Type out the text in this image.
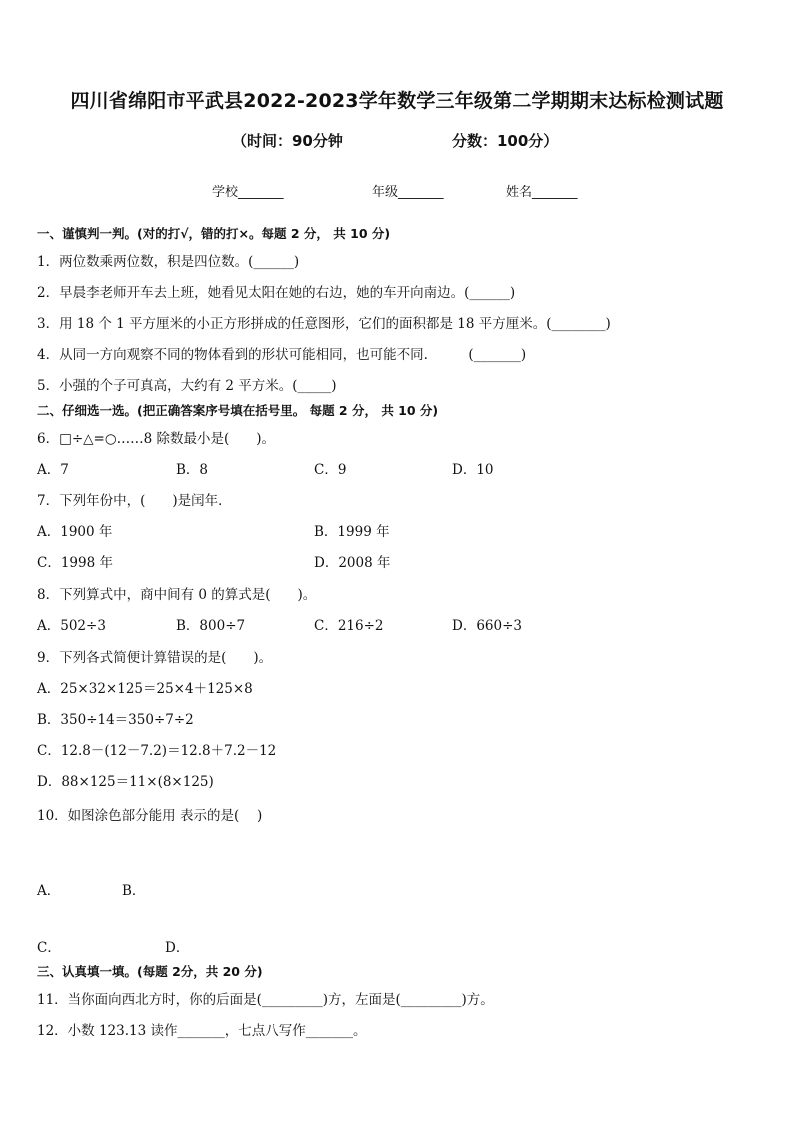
四川省绵阳市平武县2022-2023学年数学三年级第二学期期末达标检测试题
（时间：90分钟	分数：100分）
学校_______	年级_______	姓名_______
一、谨慎判一判。(对的打√，错的打×。每题 2 分， 共 10 分)
1．两位数乘两位数，积是四位数。(______)
2．早晨李老师开车去上班，她看见太阳在她的右边，她的车开向南边。(______)
3．用 18 个 1 平方厘米的小正方形拼成的任意图形，它们的面积都是 18 平方厘米。(________)
4．从同一方向观察不同的物体看到的形状可能相同，也可能不同.　　　(_______)
5．小强的个子可真高，大约有 2 平方米。(_____)
二、仔细选一选。(把正确答案序号填在括号里。 每题 2 分， 共 10 分)
6．□÷△=○……8 除数最小是(　　)。
A．7	B．8	C．9	D．10
7．下列年份中，(　　)是闰年．
A．1900 年	B．1999 年
C．1998 年	D．2008 年
8．下列算式中，商中间有 0 的算式是(　　)。
A．502÷3	B．800÷7	C．216÷2	D．660÷3
9．下列各式简便计算错误的是(　　)。
A．25×32×125＝25×4＋125×8
B．350÷14＝350÷7÷2
C．12.8－(12－7.2)＝12.8＋7.2－12
D．88×125＝11×(8×125)
10．如图涂色部分能用 表示的是(　 )
A．	B．
C．	D．
三、认真填一填。(每题 2分，共 20 分)
11．当你面向西北方时，你的后面是(_________)方，左面是(_________)方。
12．小数 123.13 读作_______，七点八写作_______。
